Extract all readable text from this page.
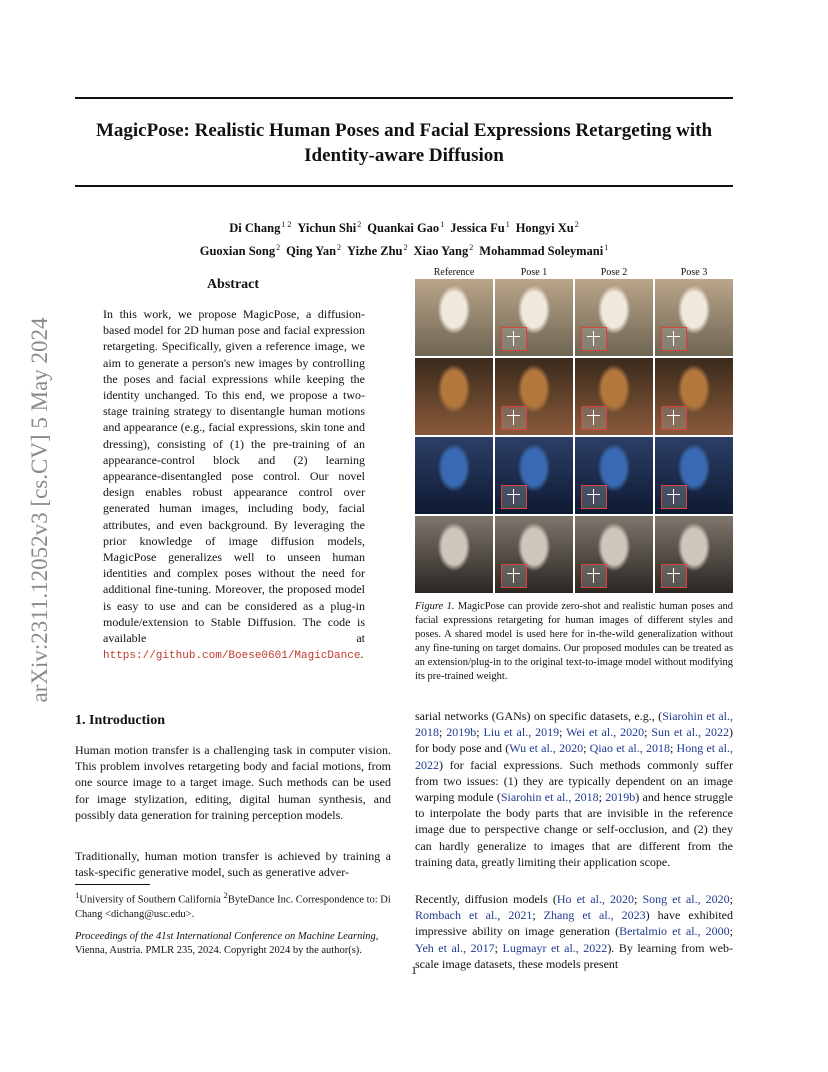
arXiv:2311.12052v3 [cs.CV] 5 May 2024
MagicPose: Realistic Human Poses and Facial Expressions Retargeting with Identity-aware Diffusion
Di Chang$^{1 2}$ Yichun Shi$^2$ Quankai Gao$^1$ Jessica Fu$^1$ Hongyi Xu$^2$
Guoxian Song$^2$ Qing Yan$^2$ Yizhe Zhu$^2$ Xiao Yang$^2$ Mohammad Soleymani$^1$
Abstract
In this work, we propose MagicPose, a diffusion-based model for 2D human pose and facial expression retargeting. Specifically, given a reference image, we aim to generate a person's new images by controlling the poses and facial expressions while keeping the identity unchanged. To this end, we propose a two-stage training strategy to disentangle human motions and appearance (e.g., facial expressions, skin tone and dressing), consisting of (1) the pre-training of an appearance-control block and (2) learning appearance-disentangled pose control. Our novel design enables robust appearance control over generated human images, including body, facial attributes, and even background. By leveraging the prior knowledge of image diffusion models, MagicPose generalizes well to unseen human identities and complex poses without the need for additional fine-tuning. Moreover, the proposed model is easy to use and can be considered as a plug-in module/extension to Stable Diffusion. The code is available at https://github.com/Boese0601/MagicDance.
Reference	Pose 1	Pose 2	Pose 3
Figure 1. MagicPose can provide zero-shot and realistic human poses and facial expressions retargeting for human images of different styles and poses. A shared model is used here for in-the-wild generalization without any fine-tuning on target domains. Our proposed modules can be treated as an extension/plug-in to the original text-to-image model without modifying its pre-trained weight.
1. Introduction
Human motion transfer is a challenging task in computer vision. This problem involves retargeting body and facial motions, from one source image to a target image. Such methods can be used for image stylization, editing, digital human synthesis, and possibly data generation for training perception models.
Traditionally, human motion transfer is achieved by training a task-specific generative model, such as generative adver-
$^1$University of Southern California $^2$ByteDance Inc. Correspondence to: Di Chang <dichang@usc.edu>.
Proceedings of the 41st International Conference on Machine Learning, Vienna, Austria. PMLR 235, 2024. Copyright 2024 by the author(s).
sarial networks (GANs) on specific datasets, e.g., (Siarohin et al., 2018; 2019b; Liu et al., 2019; Wei et al., 2020; Sun et al., 2022) for body pose and (Wu et al., 2020; Qiao et al., 2018; Hong et al., 2022) for facial expressions. Such methods commonly suffer from two issues: (1) they are typically dependent on an image warping module (Siarohin et al., 2018; 2019b) and hence struggle to interpolate the body parts that are invisible in the reference image due to perspective change or self-occlusion, and (2) they can hardly generalize to images that are different from the training data, greatly limiting their application scope.
Recently, diffusion models (Ho et al., 2020; Song et al., 2020; Rombach et al., 2021; Zhang et al., 2023) have exhibited impressive ability on image generation (Bertalmio et al., 2000; Yeh et al., 2017; Lugmayr et al., 2022). By learning from web-scale image datasets, these models present
1
